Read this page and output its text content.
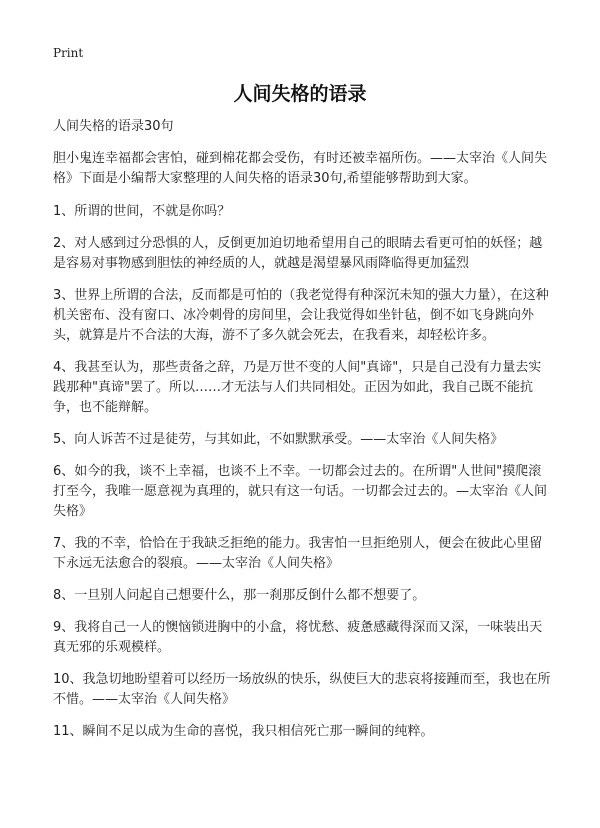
Print
人间失格的语录

人间失格的语录30句

胆小鬼连幸福都会害怕，碰到棉花都会受伤，有时还被幸福所伤。——太宰治《人间失格》下面是小编帮大家整理的人间失格的语录30句,希望能够帮助到大家。

1、所谓的世间，不就是你吗？

2、对人感到过分恐惧的人，反倒更加迫切地希望用自己的眼睛去看更可怕的妖怪；越是容易对事物感到胆怯的神经质的人，就越是渴望暴风雨降临得更加猛烈

3、世界上所谓的合法，反而都是可怕的（我老觉得有种深沉未知的强大力量），在这种机关密布、没有窗口、冰冷刺骨的房间里，会让我觉得如坐针毡，倒不如飞身跳向外头，就算是片不合法的大海，游不了多久就会死去，在我看来，却轻松许多。

4、我甚至认为，那些责备之辞，乃是万世不变的人间"真谛"，只是自己没有力量去实践那种"真谛"罢了。所以……才无法与人们共同相处。正因为如此，我自己既不能抗争，也不能辩解。

5、向人诉苦不过是徒劳，与其如此，不如默默承受。——太宰治《人间失格》

6、如今的我，谈不上幸福，也谈不上不幸。一切都会过去的。在所谓"人世间"摸爬滚打至今，我唯一愿意视为真理的，就只有这一句话。一切都会过去的。—太宰治《人间失格》

7、我的不幸，恰恰在于我缺乏拒绝的能力。我害怕一旦拒绝别人，便会在彼此心里留下永远无法愈合的裂痕。——太宰治《人间失格》

8、一旦别人问起自己想要什么，那一刹那反倒什么都不想要了。

9、我将自己一人的懊恼锁进胸中的小盒，将忧愁、疲惫感藏得深而又深，一味装出天真无邪的乐观模样。

10、我急切地盼望着可以经历一场放纵的快乐，纵使巨大的悲哀将接踵而至，我也在所不惜。——太宰治《人间失格》

11、瞬间不足以成为生命的喜悦，我只相信死亡那一瞬间的纯粹。
